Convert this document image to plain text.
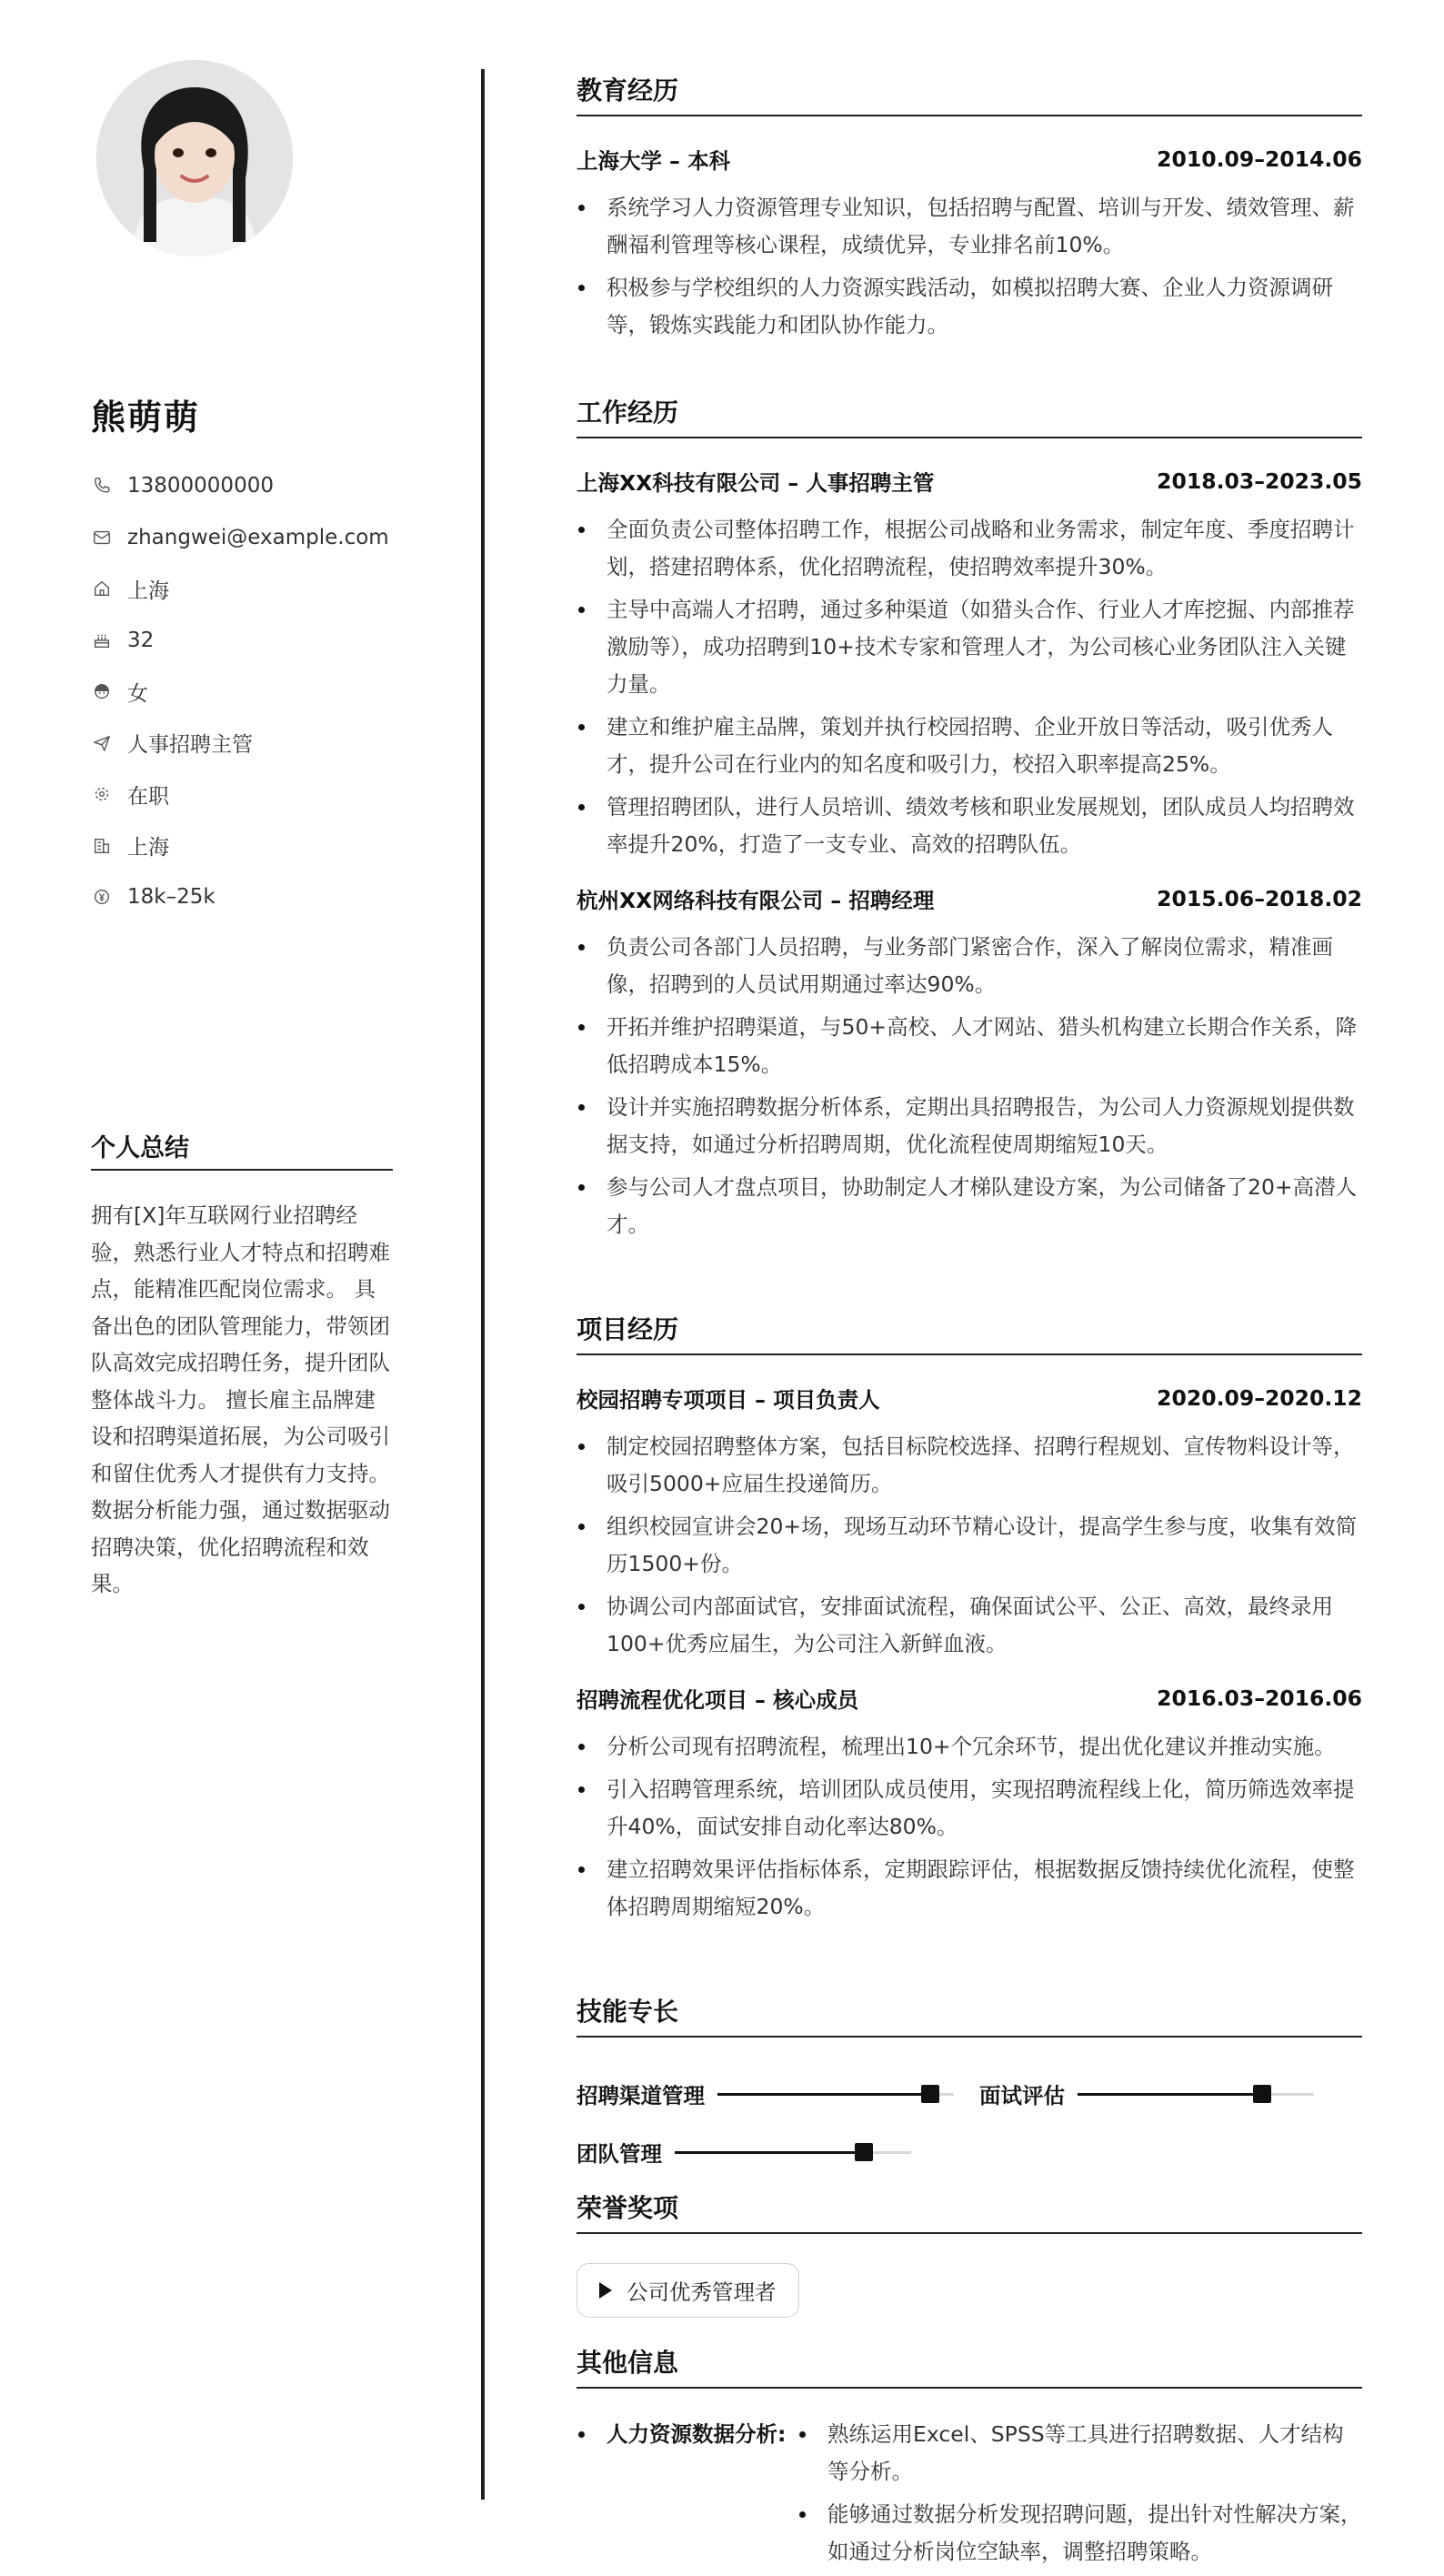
熊萌萌
13800000000
zhangwei@example.com
上海
32
女
人事招聘主管
在职
上海
18k–25k
个人总结
拥有[X]年互联网行业招聘经验，熟悉行业人才特点和招聘难点，能精准匹配岗位需求。 具备出色的团队管理能力，带领团队高效完成招聘任务，提升团队整体战斗力。 擅长雇主品牌建设和招聘渠道拓展，为公司吸引和留住优秀人才提供有力支持。 数据分析能力强，通过数据驱动招聘决策，优化招聘流程和效果。
教育经历
上海大学 – 本科	2010.09–2014.06
系统学习人力资源管理专业知识，包括招聘与配置、培训与开发、绩效管理、薪酬福利管理等核心课程，成绩优异，专业排名前10%。
积极参与学校组织的人力资源实践活动，如模拟招聘大赛、企业人力资源调研等，锻炼实践能力和团队协作能力。
工作经历
上海XX科技有限公司 – 人事招聘主管	2018.03–2023.05
全面负责公司整体招聘工作，根据公司战略和业务需求，制定年度、季度招聘计划，搭建招聘体系，优化招聘流程，使招聘效率提升30%。
主导中高端人才招聘，通过多种渠道（如猎头合作、行业人才库挖掘、内部推荐激励等），成功招聘到10+技术专家和管理人才，为公司核心业务团队注入关键力量。
建立和维护雇主品牌，策划并执行校园招聘、企业开放日等活动，吸引优秀人才，提升公司在行业内的知名度和吸引力，校招入职率提高25%。
管理招聘团队，进行人员培训、绩效考核和职业发展规划，团队成员人均招聘效率提升20%，打造了一支专业、高效的招聘队伍。
杭州XX网络科技有限公司 – 招聘经理	2015.06–2018.02
负责公司各部门人员招聘，与业务部门紧密合作，深入了解岗位需求，精准画像，招聘到的人员试用期通过率达90%。
开拓并维护招聘渠道，与50+高校、人才网站、猎头机构建立长期合作关系，降低招聘成本15%。
设计并实施招聘数据分析体系，定期出具招聘报告，为公司人力资源规划提供数据支持，如通过分析招聘周期，优化流程使周期缩短10天。
参与公司人才盘点项目，协助制定人才梯队建设方案，为公司储备了20+高潜人才。
项目经历
校园招聘专项项目 – 项目负责人	2020.09–2020.12
制定校园招聘整体方案，包括目标院校选择、招聘行程规划、宣传物料设计等，吸引5000+应届生投递简历。
组织校园宣讲会20+场，现场互动环节精心设计，提高学生参与度，收集有效简历1500+份。
协调公司内部面试官，安排面试流程，确保面试公平、公正、高效，最终录用100+优秀应届生，为公司注入新鲜血液。
招聘流程优化项目 – 核心成员	2016.03–2016.06
分析公司现有招聘流程，梳理出10+个冗余环节，提出优化建议并推动实施。
引入招聘管理系统，培训团队成员使用，实现招聘流程线上化，简历筛选效率提升40%，面试安排自动化率达80%。
建立招聘效果评估指标体系，定期跟踪评估，根据数据反馈持续优化流程，使整体招聘周期缩短20%。
技能专长
招聘渠道管理	面试评估
团队管理
荣誉奖项
公司优秀管理者
其他信息
人力资源数据分析:	熟练运用Excel、SPSS等工具进行招聘数据、人才结构等分析。
能够通过数据分析发现招聘问题，提出针对性解决方案，如通过分析岗位空缺率，调整招聘策略。
